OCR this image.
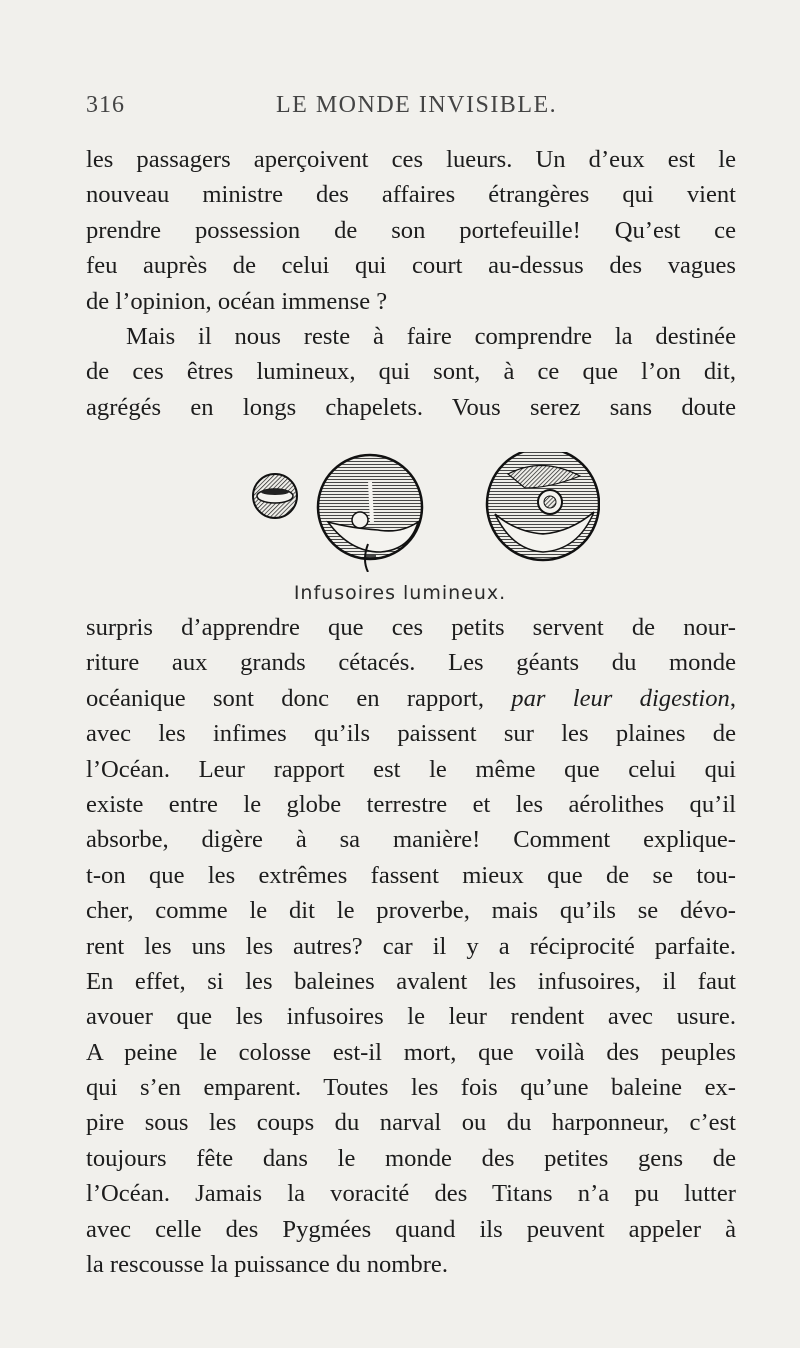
316	LE MONDE INVISIBLE.
les passagers aperçoivent ces lueurs. Un d’eux est le
nouveau ministre des affaires étrangères qui vient
prendre possession de son portefeuille! Qu’est ce
feu auprès de celui qui court au-dessus des vagues
de l’opinion, océan immense ?
Mais il nous reste à faire comprendre la destinée
de ces êtres lumineux, qui sont, à ce que l’on dit,
agrégés en longs chapelets. Vous serez sans doute
Infusoires lumineux.
surpris d’apprendre que ces petits servent de nour-
riture aux grands cétacés. Les géants du monde
océanique sont donc en rapport, par leur digestion,
avec les infimes qu’ils paissent sur les plaines de
l’Océan. Leur rapport est le même que celui qui
existe entre le globe terrestre et les aérolithes qu’il
absorbe, digère à sa manière! Comment explique-
t-on que les extrêmes fassent mieux que de se tou-
cher, comme le dit le proverbe, mais qu’ils se dévo-
rent les uns les autres? car il y a réciprocité parfaite.
En effet, si les baleines avalent les infusoires, il faut
avouer que les infusoires le leur rendent avec usure.
A peine le colosse est-il mort, que voilà des peuples
qui s’en emparent. Toutes les fois qu’une baleine ex-
pire sous les coups du narval ou du harponneur, c’est
toujours fête dans le monde des petites gens de
l’Océan. Jamais la voracité des Titans n’a pu lutter
avec celle des Pygmées quand ils peuvent appeler à
la rescousse la puissance du nombre.
